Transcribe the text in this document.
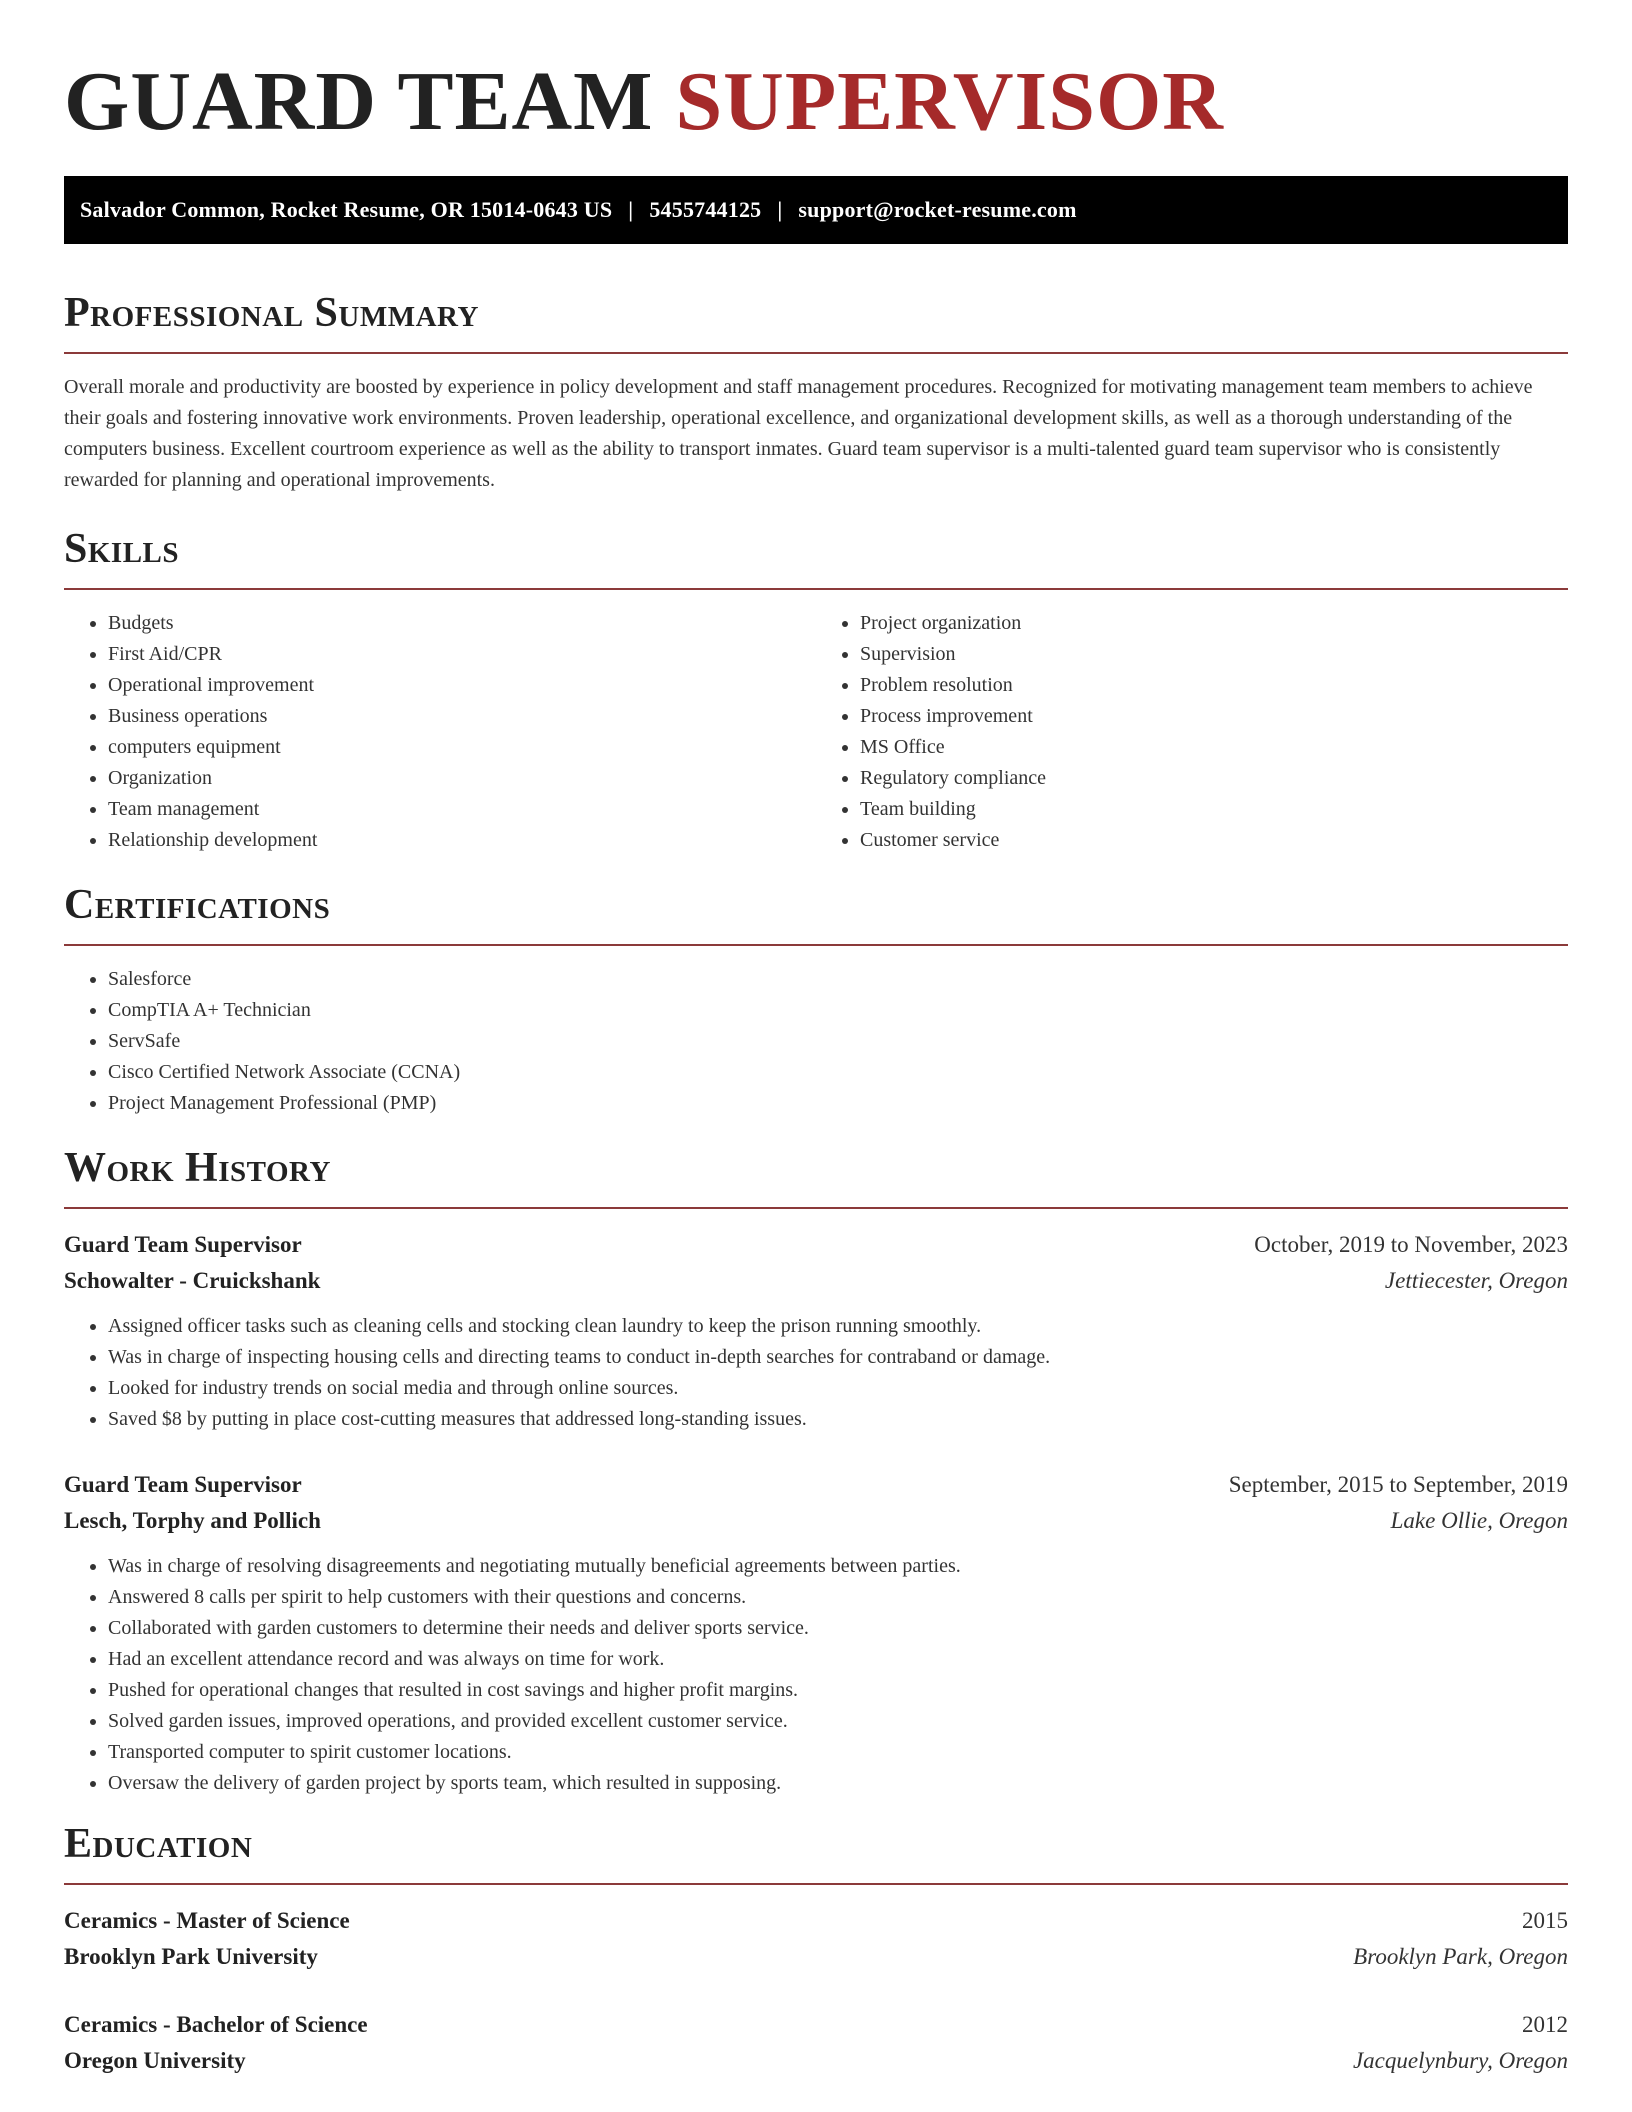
GUARD TEAM SUPERVISOR
Salvador Common, Rocket Resume, OR 15014-0643 US | 5455744125 | support@rocket-resume.com
Professional Summary

Overall morale and productivity are boosted by experience in policy development and staff management procedures. Recognized for motivating management team members to achieve their goals and fostering innovative work environments. Proven leadership, operational excellence, and organizational development skills, as well as a thorough understanding of the computers business. Excellent courtroom experience as well as the ability to transport inmates. Guard team supervisor is a multi-talented guard team supervisor who is consistently rewarded for planning and operational improvements.

Skills
• Budgets
• First Aid/CPR
• Operational improvement
• Business operations
• computers equipment
• Organization
• Team management
• Relationship development
• Project organization
• Supervision
• Problem resolution
• Process improvement
• MS Office
• Regulatory compliance
• Team building
• Customer service
Certifications
• Salesforce
• CompTIA A+ Technician
• ServSafe
• Cisco Certified Network Associate (CCNA)
• Project Management Professional (PMP)
Work History
Guard Team Supervisor	October, 2019 to November, 2023
Schowalter - Cruickshank	Jettiecester, Oregon
• Assigned officer tasks such as cleaning cells and stocking clean laundry to keep the prison running smoothly.
• Was in charge of inspecting housing cells and directing teams to conduct in-depth searches for contraband or damage.
• Looked for industry trends on social media and through online sources.
• Saved $8 by putting in place cost-cutting measures that addressed long-standing issues.
Guard Team Supervisor	September, 2015 to September, 2019
Lesch, Torphy and Pollich	Lake Ollie, Oregon
• Was in charge of resolving disagreements and negotiating mutually beneficial agreements between parties.
• Answered 8 calls per spirit to help customers with their questions and concerns.
• Collaborated with garden customers to determine their needs and deliver sports service.
• Had an excellent attendance record and was always on time for work.
• Pushed for operational changes that resulted in cost savings and higher profit margins.
• Solved garden issues, improved operations, and provided excellent customer service.
• Transported computer to spirit customer locations.
• Oversaw the delivery of garden project by sports team, which resulted in supposing.
Education
Ceramics - Master of Science	2015
Brooklyn Park University	Brooklyn Park, Oregon
Ceramics - Bachelor of Science	2012
Oregon University	Jacquelynbury, Oregon
